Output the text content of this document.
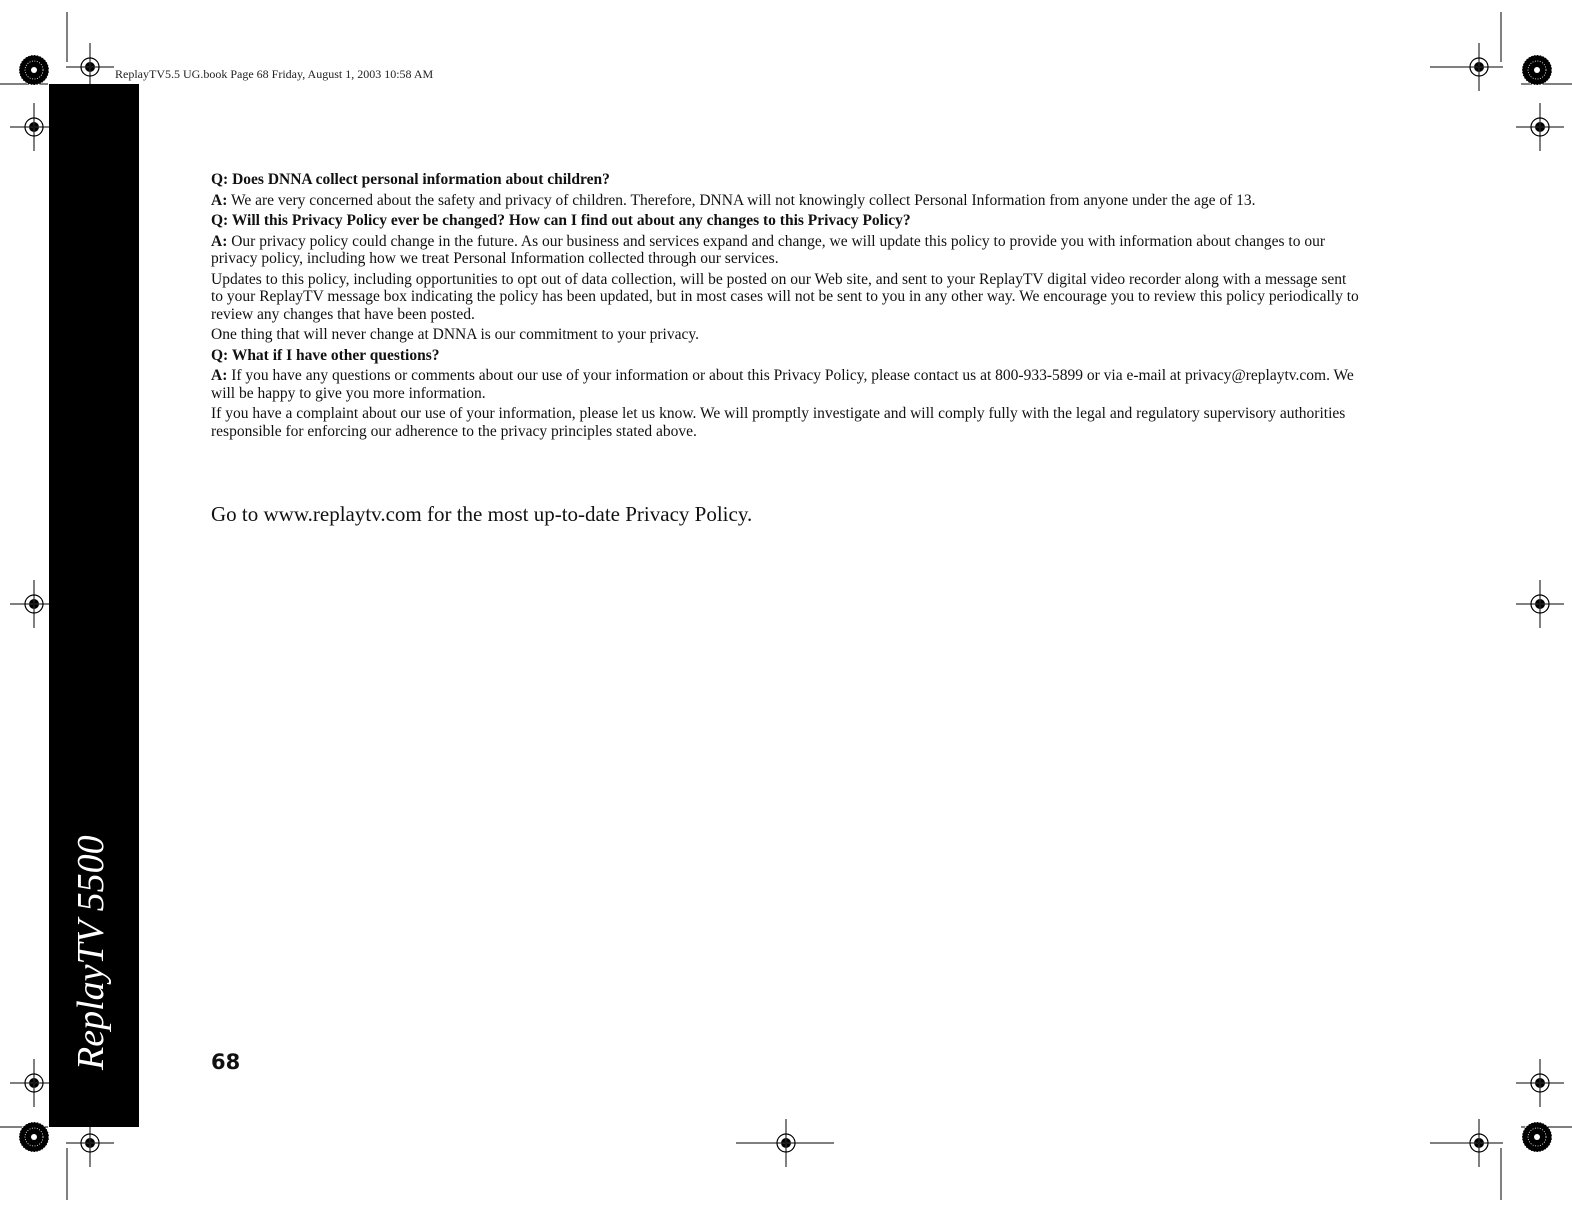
ReplayTV5.5 UG.book Page 68 Friday, August 1, 2003 10:58 AM
ReplayTV 5500
Q: Does DNNA collect personal information about children?
A: We are very concerned about the safety and privacy of children. Therefore, DNNA will not knowingly collect Personal Information from anyone under the age of 13.
Q: Will this Privacy Policy ever be changed? How can I find out about any changes to this Privacy Policy?
A: Our privacy policy could change in the future. As our business and services expand and change, we will update this policy to provide you with information about changes to our privacy policy, including how we treat Personal Information collected through our services.
Updates to this policy, including opportunities to opt out of data collection, will be posted on our Web site, and sent to your ReplayTV digital video recorder along with a message sent to your ReplayTV message box indicating the policy has been updated, but in most cases will not be sent to you in any other way. We encourage you to review this policy periodically to review any changes that have been posted.
One thing that will never change at DNNA is our commitment to your privacy.
Q: What if I have other questions?
A: If you have any questions or comments about our use of your information or about this Privacy Policy, please contact us at 800-933-5899 or via e-mail at privacy@replaytv.com. We will be happy to give you more information.
If you have a complaint about our use of your information, please let us know. We will promptly investigate and will comply fully with the legal and regulatory supervisory authorities responsible for enforcing our adherence to the privacy principles stated above.
Go to www.replaytv.com for the most up-to-date Privacy Policy.
68
